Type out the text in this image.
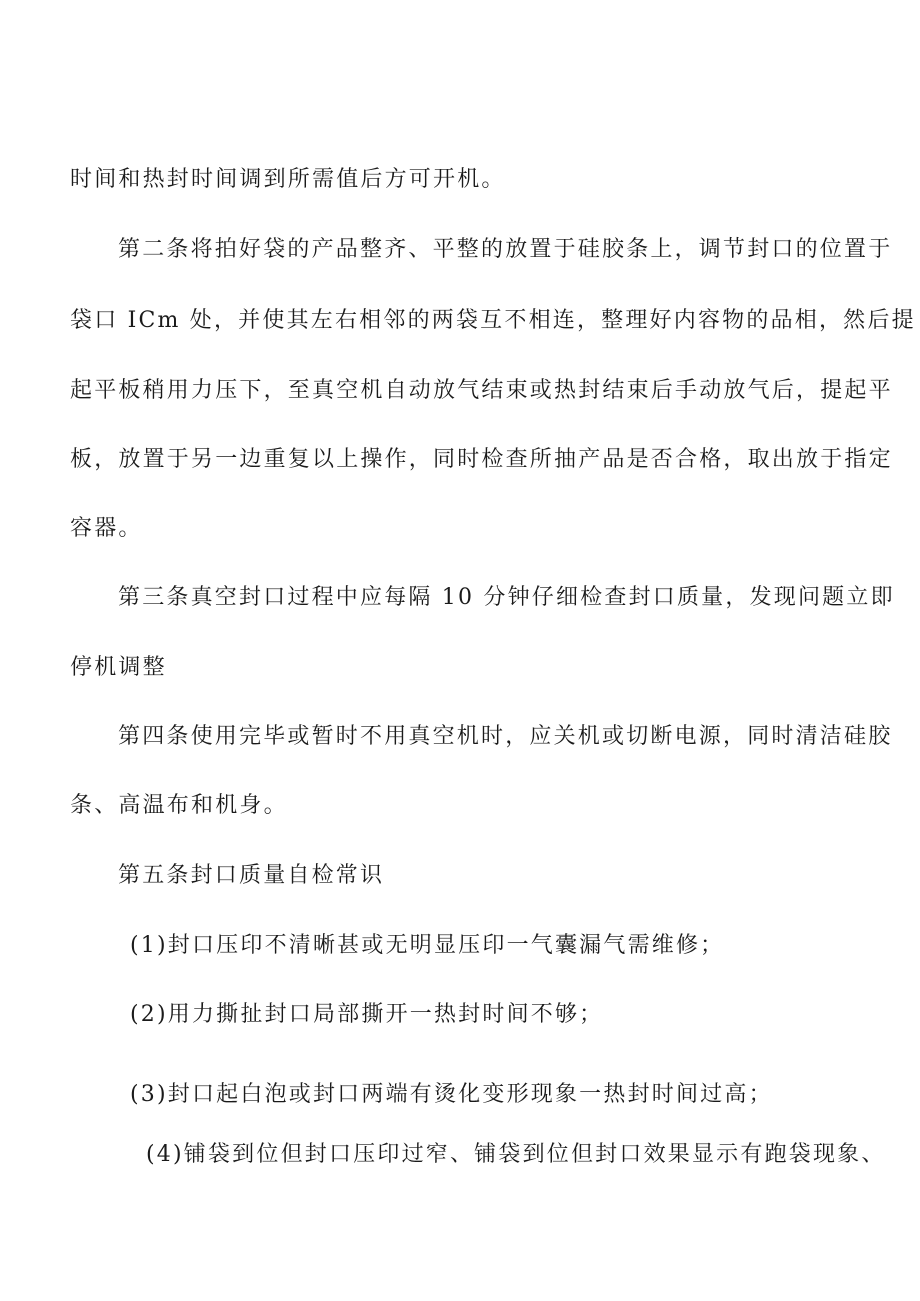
时间和热封时间调到所需值后方可开机。
第二条将拍好袋的产品整齐、平整的放置于硅胶条上，调节封口的位置于
袋口 ICm 处，并使其左右相邻的两袋互不相连，整理好内容物的品相，然后提
起平板稍用力压下，至真空机自动放气结束或热封结束后手动放气后，提起平
板，放置于另一边重复以上操作，同时检查所抽产品是否合格，取出放于指定
容器。
第三条真空封口过程中应每隔 10 分钟仔细检查封口质量，发现问题立即
停机调整
第四条使用完毕或暂时不用真空机时，应关机或切断电源，同时清洁硅胶
条、高温布和机身。
第五条封口质量自检常识
(1)封口压印不清晰甚或无明显压印一气囊漏气需维修；
(2)用力撕扯封口局部撕开一热封时间不够；
(3)封口起白泡或封口两端有烫化变形现象一热封时间过高；
(4)铺袋到位但封口压印过窄、铺袋到位但封口效果显示有跑袋现象、
